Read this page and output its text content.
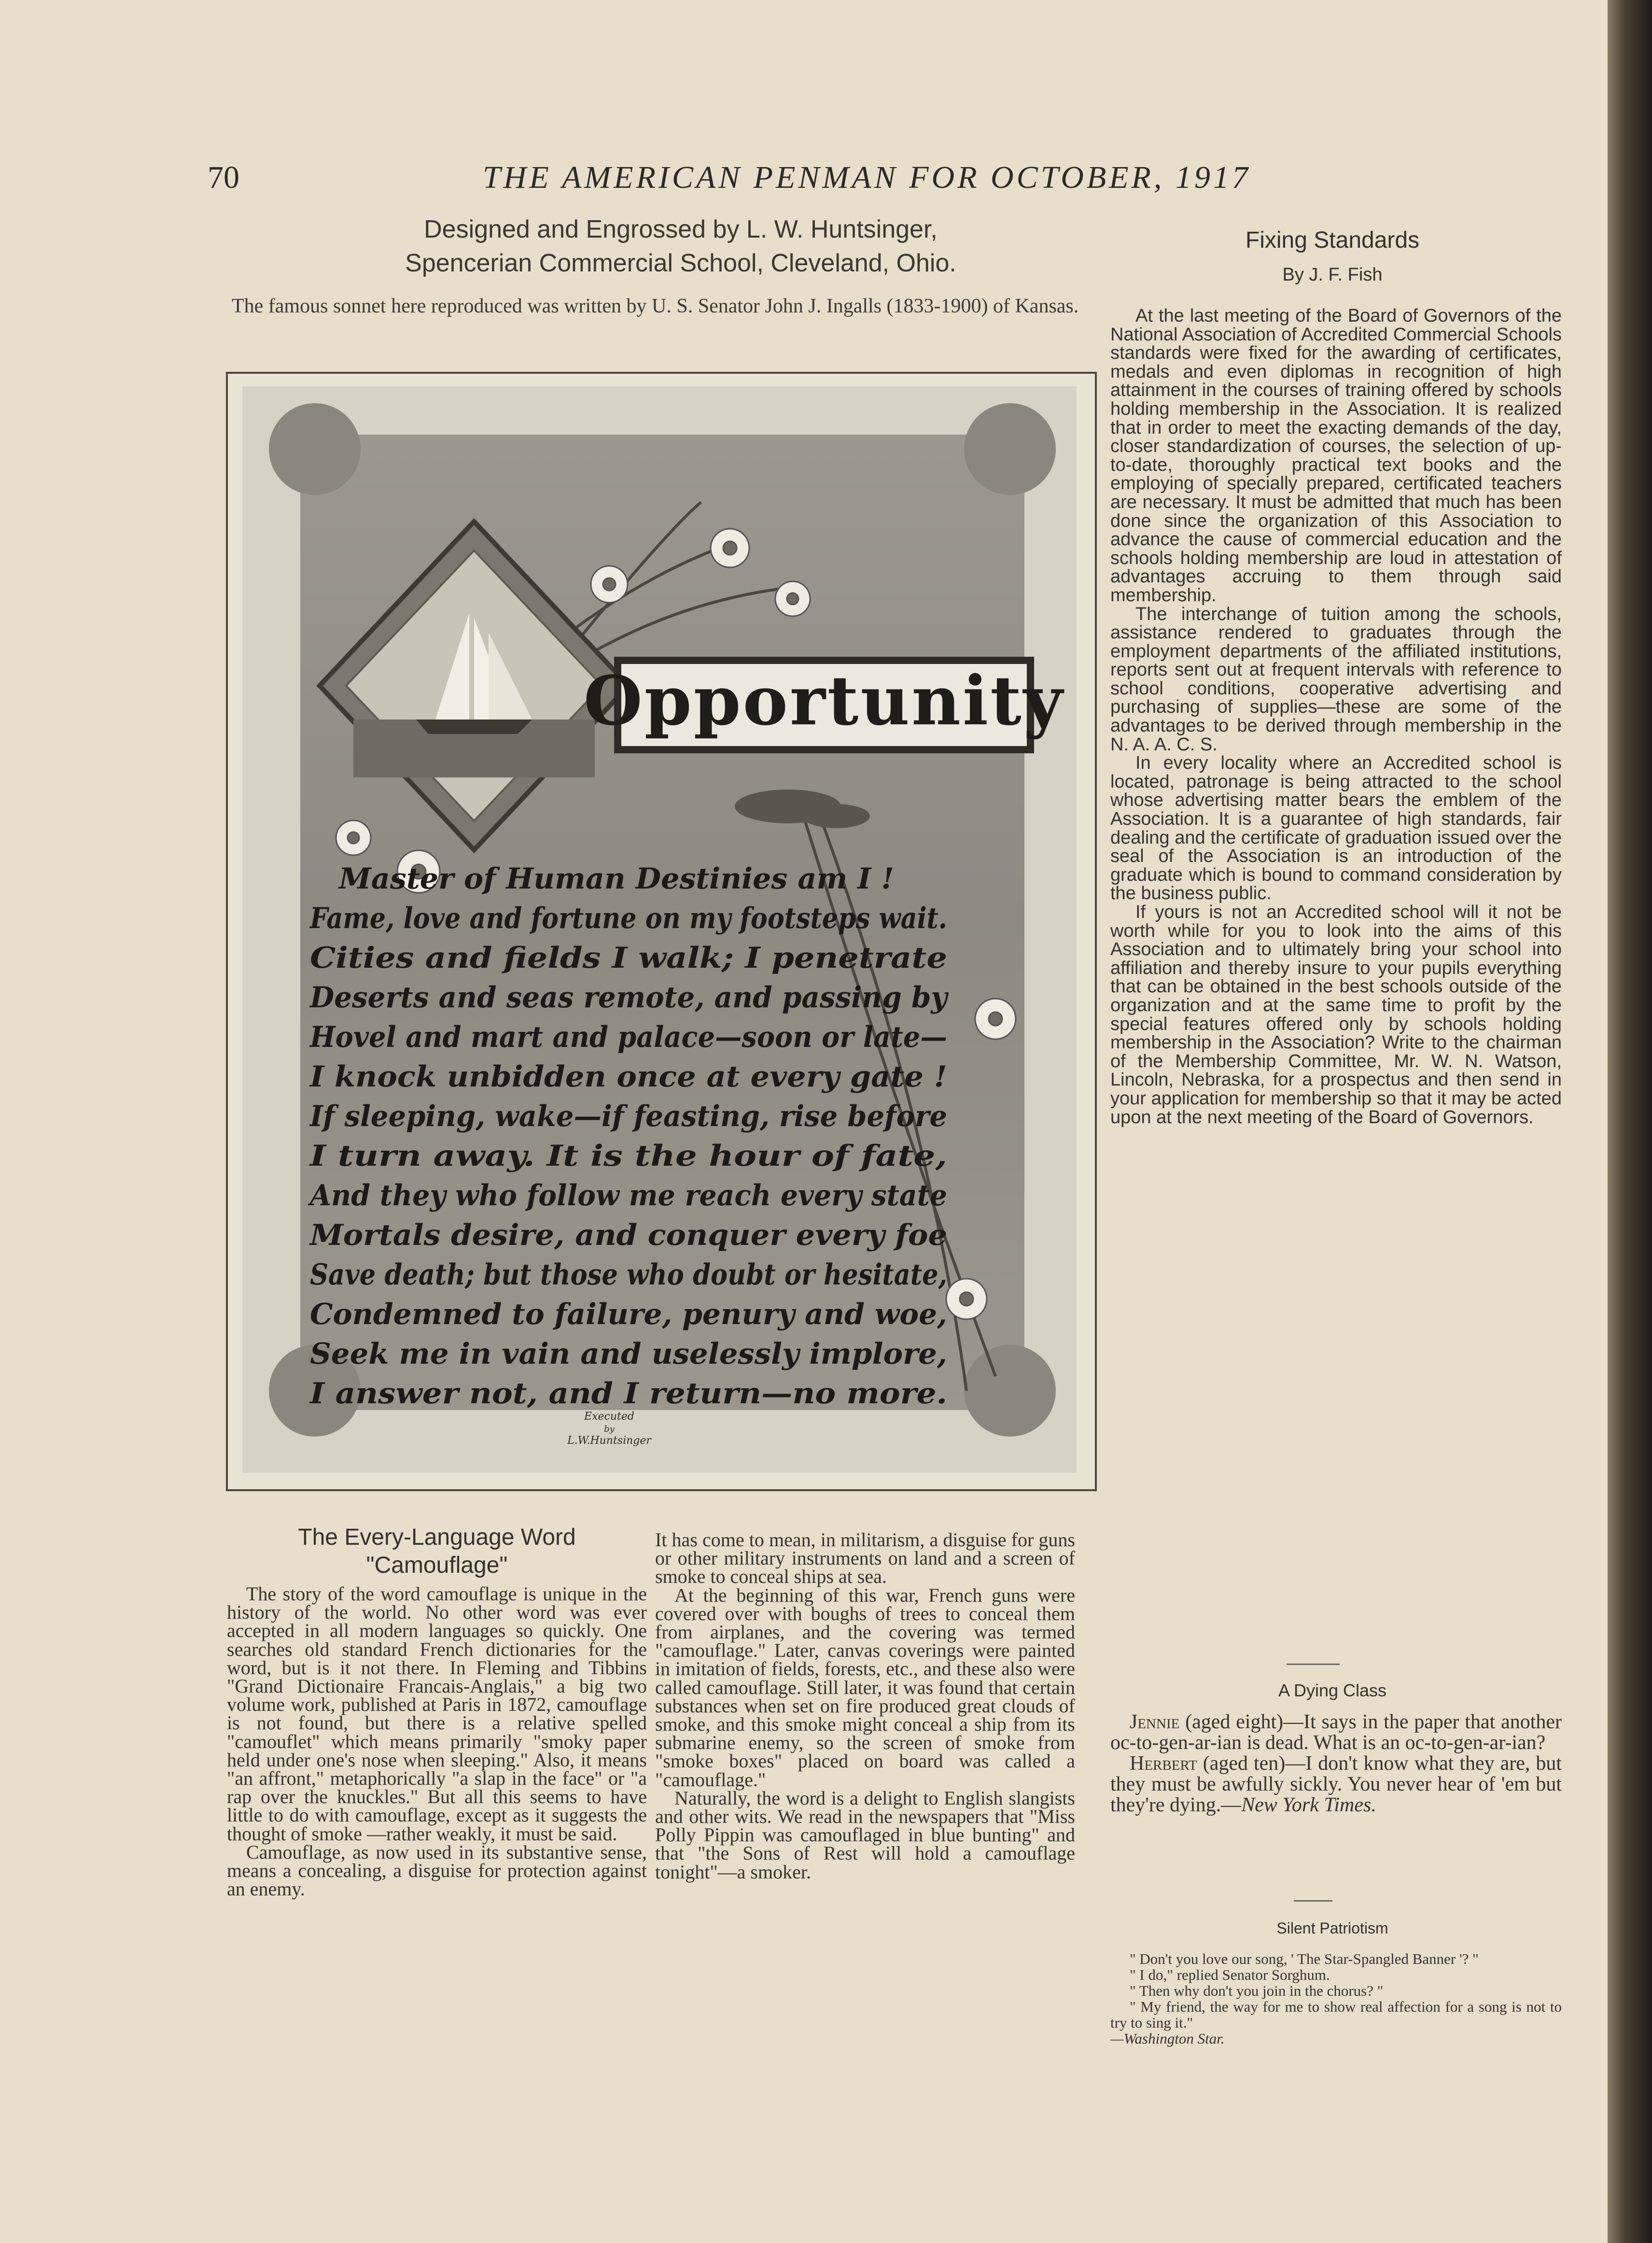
70	THE AMERICAN PENMAN FOR OCTOBER, 1917
Designed and Engrossed by L. W. Huntsinger,
Spencerian Commercial School, Cleveland, Ohio.
The famous sonnet here reproduced was written by U. S. Senator John J. Ingalls (1833-1900) of Kansas.
Opportunity
Master of Human Destinies am I !
Fame, love and fortune on my footsteps wait.
Cities and fields I walk; I penetrate
Deserts and seas remote, and passing by
Hovel and mart and palace—soon or late—
I knock unbidden once at every gate !
If sleeping, wake—if feasting, rise before
I turn away. It is the hour of fate,
And they who follow me reach every state
Mortals desire, and conquer every foe
Save death; but those who doubt or hesitate,
Condemned to failure, penury and woe,
Seek me in vain and uselessly implore,
I answer not, and I return—no more.
Executed
by
L.W.Huntsinger
Fixing Standards
By J. F. Fish

At the last meeting of the Board of Governors of the National Association of Accredited Commercial Schools standards were fixed for the awarding of certificates, medals and even diplomas in recognition of high attainment in the courses of training offered by schools holding membership in the Association. It is realized that in order to meet the exacting demands of the day, closer standardization of courses, the selection of up-to-date, thoroughly practical text books and the employing of specially prepared, certificated teachers are necessary. It must be admitted that much has been done since the organization of this Association to advance the cause of commercial education and the schools holding membership are loud in attestation of advantages accruing to them through said membership.

The interchange of tuition among the schools, assistance rendered to graduates through the employment departments of the affiliated institutions, reports sent out at frequent intervals with reference to school conditions, cooperative advertising and purchasing of supplies—these are some of the advantages to be derived through membership in the N. A. A. C. S.

In every locality where an Accredited school is located, patronage is being attracted to the school whose advertising matter bears the emblem of the Association. It is a guarantee of high standards, fair dealing and the certificate of graduation issued over the seal of the Association is an introduction of the graduate which is bound to command consideration by the business public.

If yours is not an Accredited school will it not be worth while for you to look into the aims of this Association and to ultimately bring your school into affiliation and thereby insure to your pupils everything that can be obtained in the best schools outside of the organization and at the same time to profit by the special features offered only by schools holding membership in the Association? Write to the chairman of the Membership Committee, Mr. W. N. Watson, Lincoln, Nebraska, for a prospectus and then send in your application for membership so that it may be acted upon at the next meeting of the Board of Governors.

A Dying Class

Jennie (aged eight)—It says in the paper that another oc-to-gen-ar-ian is dead. What is an oc-to-gen-ar-ian?

Herbert (aged ten)—I don't know what they are, but they must be awfully sickly. You never hear of 'em but they're dying.—New York Times.

Silent Patriotism

" Don't you love our song, ' The Star-Spangled Banner '? "

" I do," replied Senator Sorghum.

" Then why don't you join in the chorus? "

" My friend, the way for me to show real affection for a song is not to try to sing it."

—Washington Star.

The Every-Language Word "Camouflage"

The story of the word camouflage is unique in the history of the world. No other word was ever accepted in all modern languages so quickly. One searches old standard French dictionaries for the word, but is it not there. In Fleming and Tibbins "Grand Dictionaire Francais-Anglais," a big two volume work, published at Paris in 1872, camouflage is not found, but there is a relative spelled "camouflet" which means primarily "smoky paper held under one's nose when sleeping." Also, it means "an affront," metaphorically "a slap in the face" or "a rap over the knuckles." But all this seems to have little to do with camouflage, except as it suggests the thought of smoke —rather weakly, it must be said.

Camouflage, as now used in its substantive sense, means a concealing, a disguise for protection against an enemy.

It has come to mean, in militarism, a disguise for guns or other military instruments on land and a screen of smoke to conceal ships at sea.

At the beginning of this war, French guns were covered over with boughs of trees to conceal them from airplanes, and the covering was termed "camouflage." Later, canvas coverings were painted in imitation of fields, forests, etc., and these also were called camouflage. Still later, it was found that certain substances when set on fire produced great clouds of smoke, and this smoke might conceal a ship from its submarine enemy, so the screen of smoke from "smoke boxes" placed on board was called a "camouflage."

Naturally, the word is a delight to English slangists and other wits. We read in the newspapers that "Miss Polly Pippin was camouflaged in blue bunting" and that "the Sons of Rest will hold a camouflage tonight"—a smoker.
